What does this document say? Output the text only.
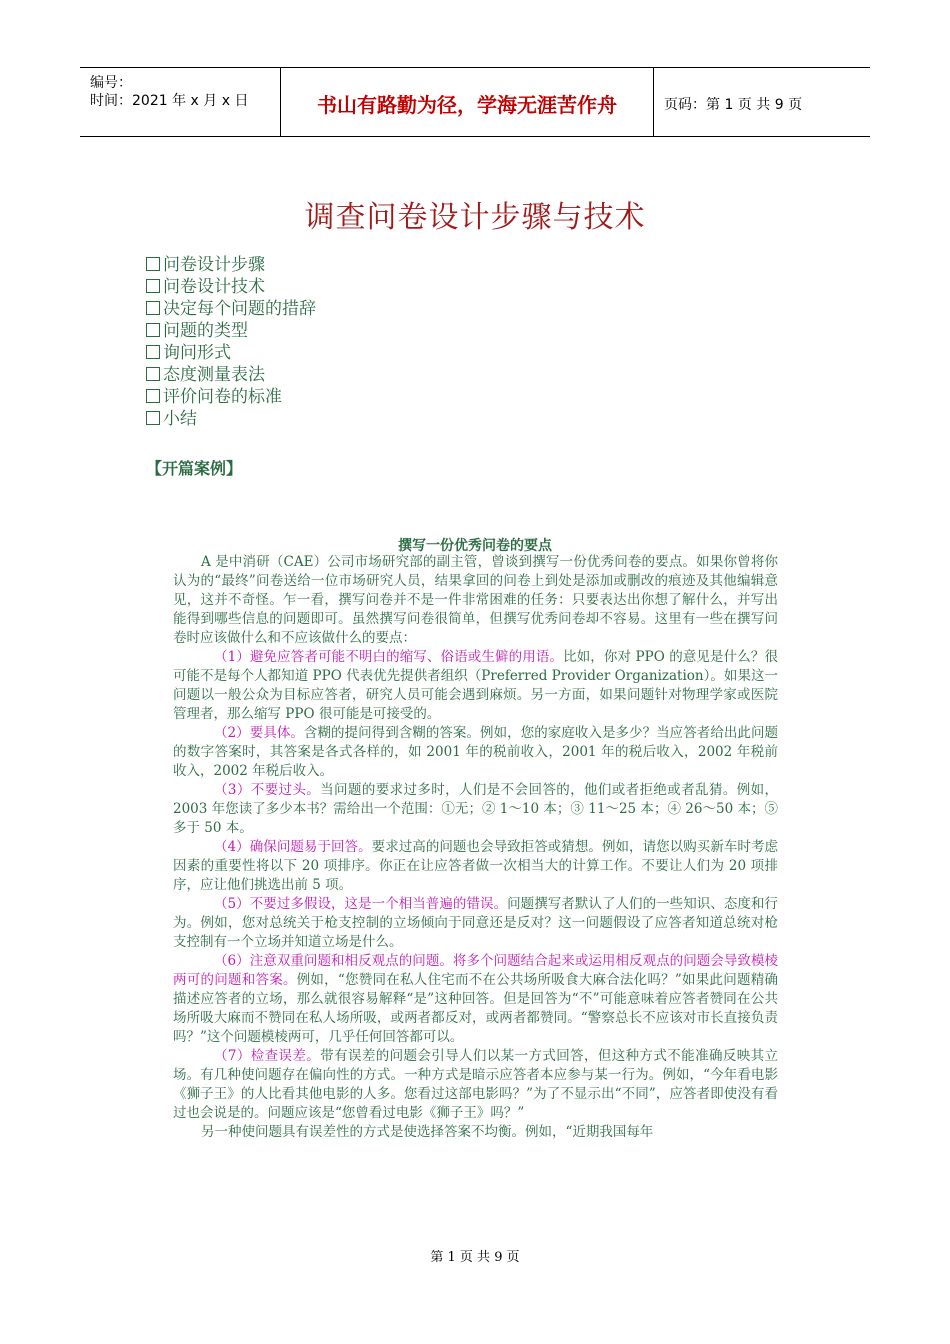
编号：
时间：2021 年 x 月 x 日	书山有路勤为径，学海无涯苦作舟	页码：第 1 页 共 9 页
调查问卷设计步骤与技术
问卷设计步骤
问卷设计技术
决定每个问题的措辞
问题的类型
询问形式
态度测量表法
评价问卷的标准
小结
【开篇案例】
撰写一份优秀问卷的要点

A 是中消研（CAE）公司市场研究部的副主管，曾谈到撰写一份优秀问卷的要点。如果你曾将你认为的“最终”问卷送给一位市场研究人员，结果拿回的问卷上到处是添加或删改的痕迹及其他编辑意见，这并不奇怪。乍一看，撰写问卷并不是一件非常困难的任务：只要表达出你想了解什么，并写出能得到哪些信息的问题即可。虽然撰写问卷很简单，但撰写优秀问卷却不容易。这里有一些在撰写问卷时应该做什么和不应该做什么的要点：

（1）避免应答者可能不明白的缩写、俗语或生僻的用语。比如，你对 PPO 的意见是什么？很可能不是每个人都知道 PPO 代表优先提供者组织（Preferred Provider Organization）。如果这一问题以一般公众为目标应答者，研究人员可能会遇到麻烦。另一方面，如果问题针对物理学家或医院管理者，那么缩写 PPO 很可能是可接受的。

（2）要具体。含糊的提问得到含糊的答案。例如，您的家庭收入是多少？当应答者给出此问题的数字答案时，其答案是各式各样的，如 2001 年的税前收入，2001 年的税后收入，2002 年税前收入，2002 年税后收入。

（3）不要过头。当问题的要求过多时，人们是不会回答的，他们或者拒绝或者乱猜。例如，2003 年您读了多少本书？需给出一个范围：①无；② 1～10 本；③ 11～25 本；④ 26～50 本；⑤多于 50 本。

（4）确保问题易于回答。要求过高的问题也会导致拒答或猜想。例如，请您以购买新车时考虑因素的重要性将以下 20 项排序。你正在让应答者做一次相当大的计算工作。不要让人们为 20 项排序，应让他们挑选出前 5 项。

（5）不要过多假设，这是一个相当普遍的错误。问题撰写者默认了人们的一些知识、态度和行为。例如，您对总统关于枪支控制的立场倾向于同意还是反对？这一问题假设了应答者知道总统对枪支控制有一个立场并知道立场是什么。

（6）注意双重问题和相反观点的问题。将多个问题结合起来或运用相反观点的问题会导致模棱两可的问题和答案。例如，“您赞同在私人住宅而不在公共场所吸食大麻合法化吗？”如果此问题精确描述应答者的立场，那么就很容易解释“是”这种回答。但是回答为“不”可能意味着应答者赞同在公共场所吸大麻而不赞同在私人场所吸，或两者都反对，或两者都赞同。“警察总长不应该对市长直接负责吗？”这个问题模棱两可，几乎任何回答都可以。

（7）检查误差。带有误差的问题会引导人们以某一方式回答，但这种方式不能准确反映其立场。有几种使问题存在偏向性的方式。一种方式是暗示应答者本应参与某一行为。例如，“今年看电影《狮子王》的人比看其他电影的人多。您看过这部电影吗？”为了不显示出“不同”，应答者即使没有看过也会说是的。问题应该是“您曾看过电影《狮子王》吗？”

另一种使问题具有误差性的方式是使选择答案不均衡。例如，“近期我国每年

第 1 页 共 9 页
